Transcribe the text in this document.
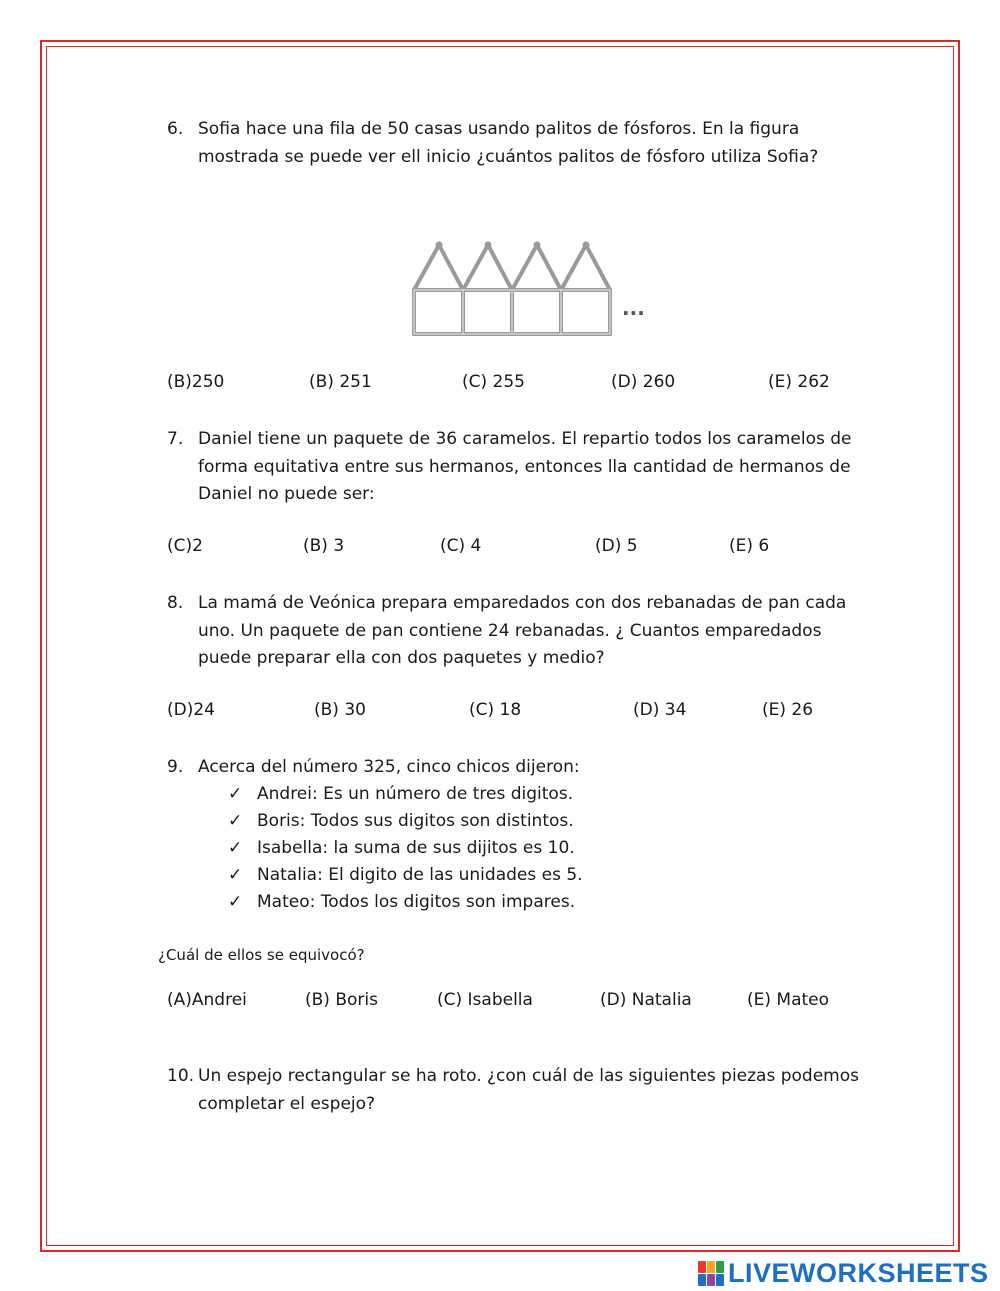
6. Sofia hace una fila de 50 casas usando palitos de fósforos. En la figura mostrada se puede ver ell inicio ¿cuántos palitos de fósforo utiliza Sofia?
...
(B)250	(B) 251	(C) 255	(D) 260	(E) 262
7. Daniel tiene un paquete de 36 caramelos. El repartio todos los caramelos de forma equitativa entre sus hermanos, entonces lla cantidad de hermanos de Daniel no puede ser:
(C)2	(B) 3	(C) 4	(D) 5	(E) 6
8. La mamá de Veónica prepara emparedados con dos rebanadas de pan cada uno. Un paquete de pan contiene 24 rebanadas. ¿ Cuantos emparedados puede preparar ella con dos paquetes y medio?
(D)24	(B) 30	(C) 18	(D) 34	(E) 26
9. Acerca del número 325, cinco chicos dijeron:
✓ Andrei: Es un número de tres digitos.
✓ Boris: Todos sus digitos son distintos.
✓ Isabella: la suma de sus dijitos es 10.
✓ Natalia: El digito de las unidades es 5.
✓ Mateo: Todos los digitos son impares.
¿Cuál de ellos se equivocó?
(A)Andrei	(B) Boris	(C) Isabella	(D) Natalia	(E) Mateo
10. Un espejo rectangular se ha roto. ¿con cuál de las siguientes piezas podemos completar el espejo?
LIVEWORKSHEETS
